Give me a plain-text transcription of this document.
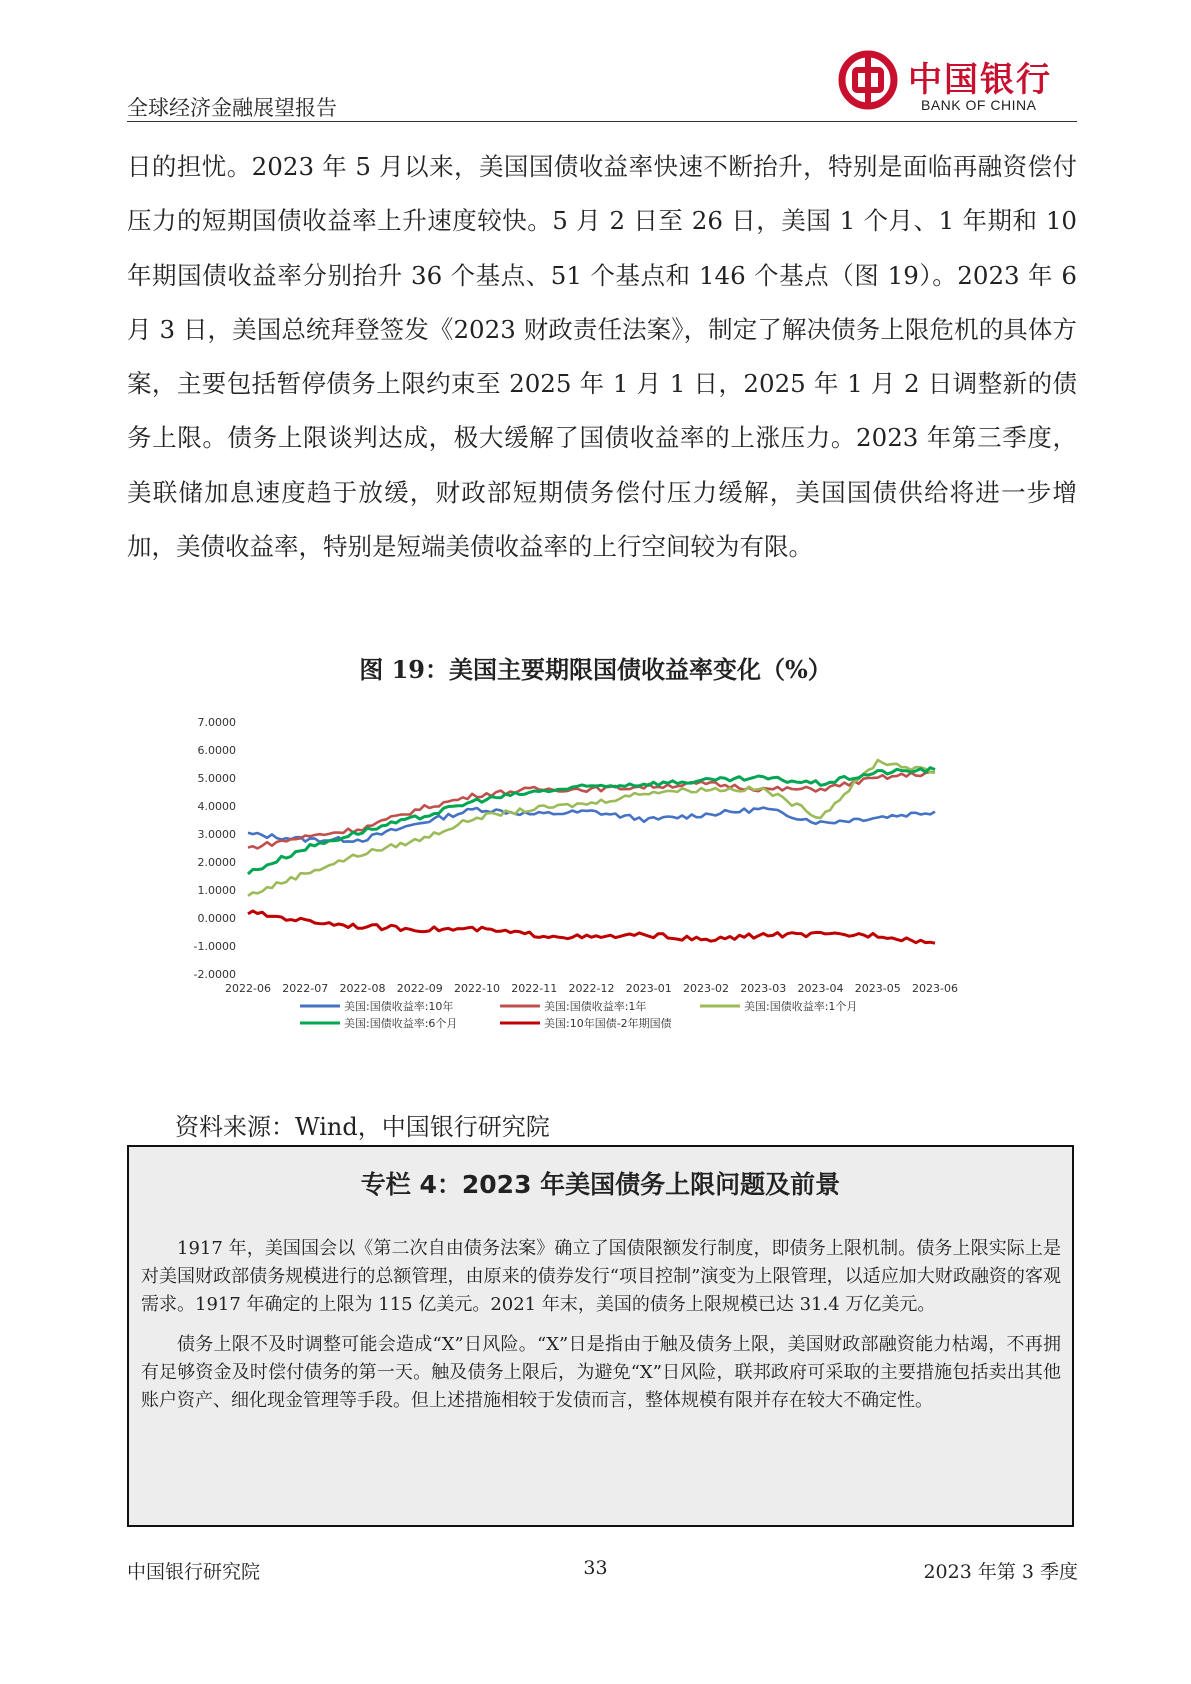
全球经济金融展望报告
中国银行
BANK OF CHINA

日的担忧。2023 年 5 月以来，美国国债收益率快速不断抬升，特别是面临再融资偿付压力的短期国债收益率上升速度较快。5 月 2 日至 26 日，美国 1 个月、1 年期和 10 年期国债收益率分别抬升 36 个基点、51 个基点和 146 个基点（图 19）。2023 年 6 月 3 日，美国总统拜登签发《2023 财政责任法案》，制定了解决债务上限危机的具体方案，主要包括暂停债务上限约束至 2025 年 1 月 1 日，2025 年 1 月 2 日调整新的债务上限。债务上限谈判达成，极大缓解了国债收益率的上涨压力。2023 年第三季度，美联储加息速度趋于放缓，财政部短期债务偿付压力缓解，美国国债供给将进一步增加，美债收益率，特别是短端美债收益率的上行空间较为有限。

图 19：美国主要期限国债收益率变化（%）
7.0000
6.0000
5.0000
4.0000
3.0000
2.0000
1.0000
0.0000
-1.0000
-2.0000
2022-06 2022-07 2022-08 2022-09 2022-10 2022-11 2022-12 2023-01 2023-02 2023-03 2023-04 2023-05 2023-06
美国:国债收益率:10年	美国:国债收益率:1年	美国:国债收益率:1个月
美国:国债收益率:6个月	美国:10年国债-2年期国债
资料来源：Wind，中国银行研究院
专栏 4：2023 年美国债务上限问题及前景

1917 年，美国国会以《第二次自由债务法案》确立了国债限额发行制度，即债务上限机制。债务上限实际上是对美国财政部债务规模进行的总额管理，由原来的债券发行“项目控制”演变为上限管理，以适应加大财政融资的客观需求。1917 年确定的上限为 115 亿美元。2021 年末，美国的债务上限规模已达 31.4 万亿美元。

债务上限不及时调整可能会造成“X”日风险。“X”日是指由于触及债务上限，美国财政部融资能力枯竭，不再拥有足够资金及时偿付债务的第一天。触及债务上限后，为避免“X”日风险，联邦政府可采取的主要措施包括卖出其他账户资产、细化现金管理等手段。但上述措施相较于发债而言，整体规模有限并存在较大不确定性。

中国银行研究院	33	2023 年第 3 季度
